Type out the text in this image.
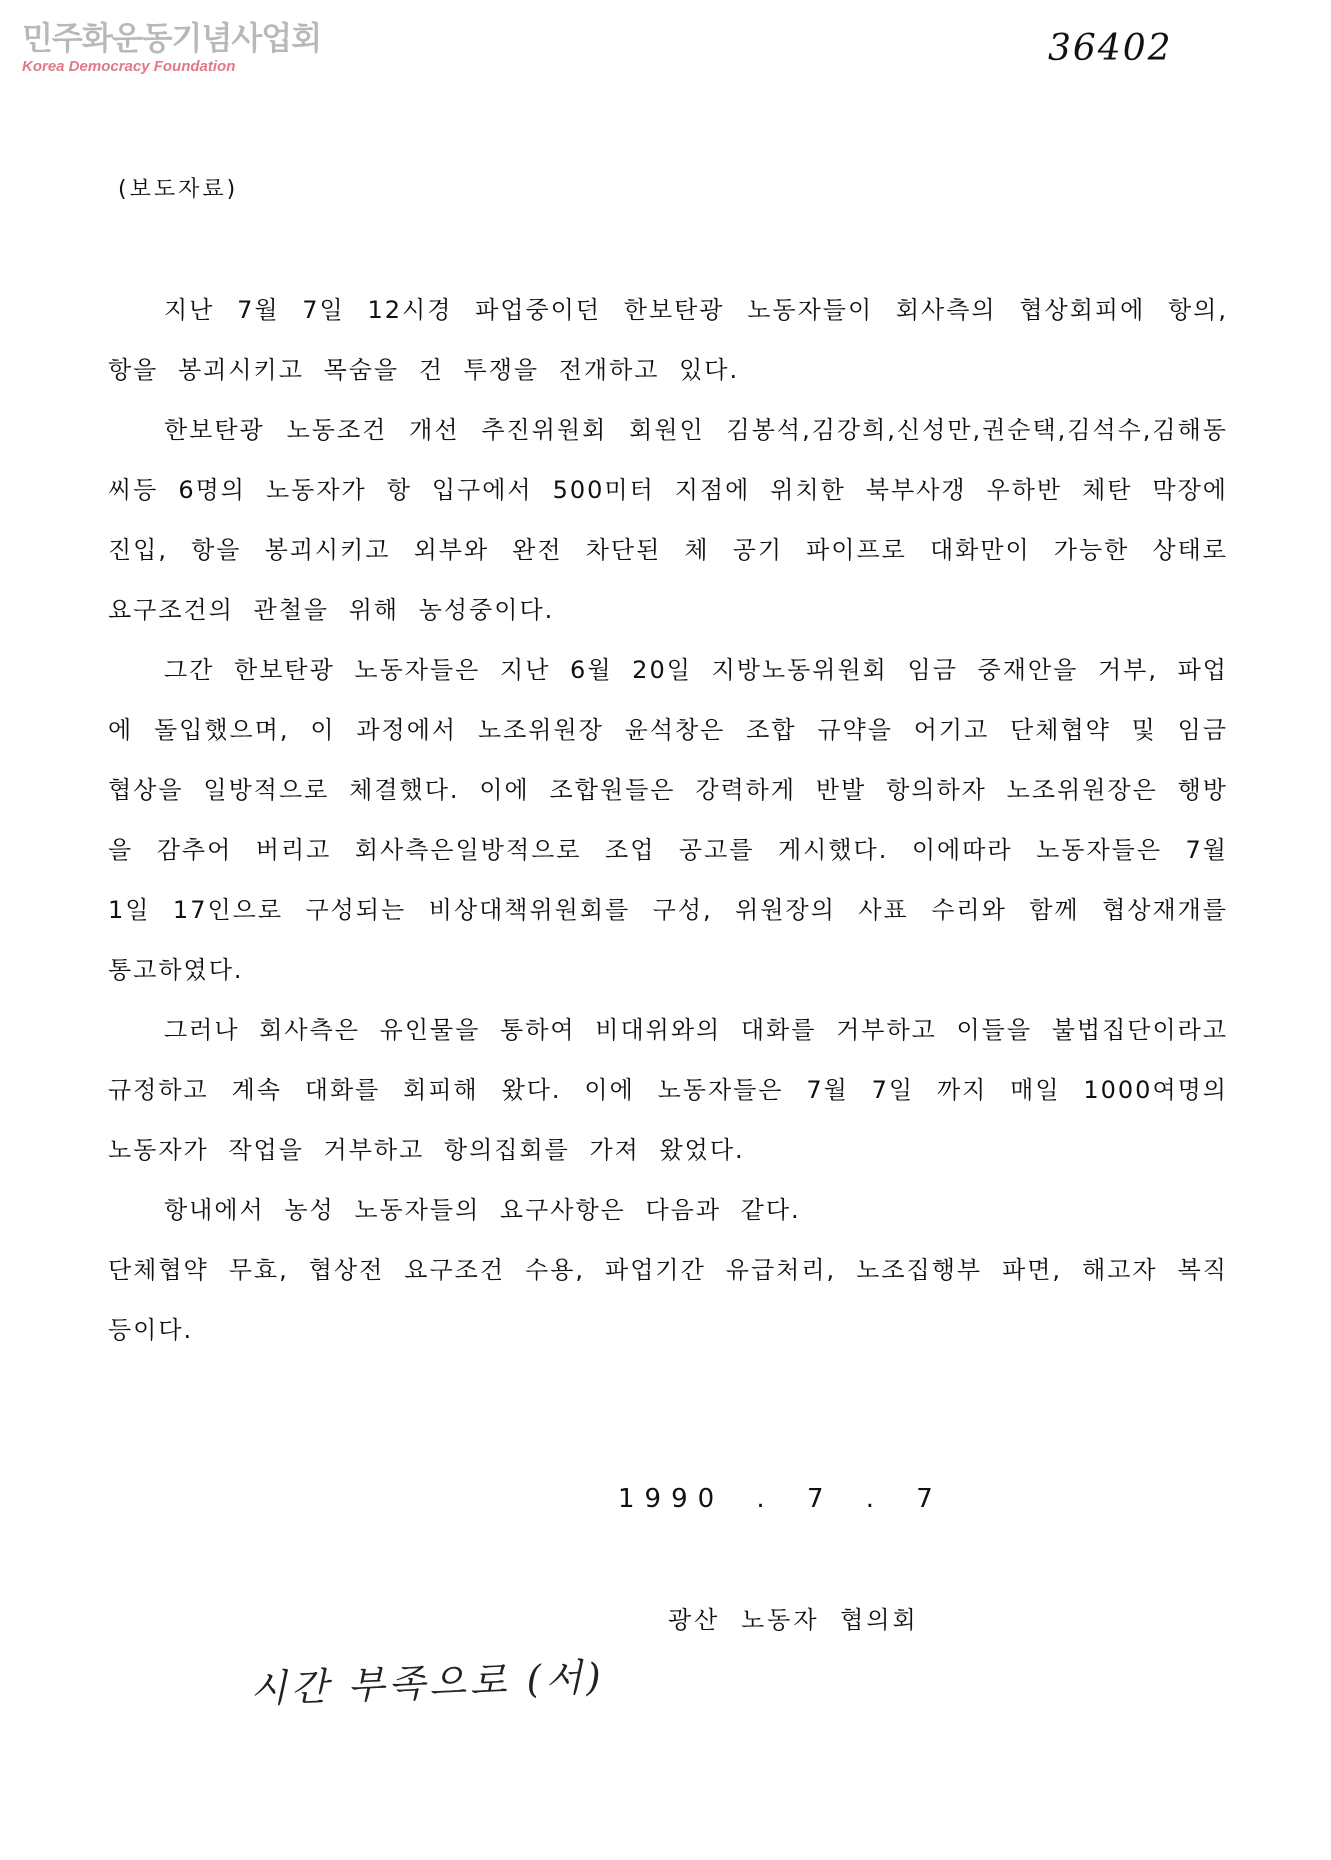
민주화운동기념사업회
Korea Democracy Foundation	36402
(보도자료)

지난 7월 7일 12시경 파업중이던 한보탄광 노동자들이 회사측의 협상회피에 항의, 항을 봉괴시키고 목숨을 건 투쟁을 전개하고 있다.

한보탄광 노동조건 개선 추진위원회 회원인 김봉석,김강희,신성만,권순택,김석수,김해동씨등 6명의 노동자가 항 입구에서 500미터 지점에 위치한 북부사갱 우하반 체탄 막장에 진입, 항을 봉괴시키고 외부와 완전 차단된 체 공기 파이프로 대화만이 가능한 상태로 요구조건의 관철을 위해 농성중이다.

그간 한보탄광 노동자들은 지난 6월 20일 지방노동위원회 임금 중재안을 거부, 파업에 돌입했으며, 이 과정에서 노조위원장 윤석창은 조합 규약을 어기고 단체협약 및 임금협상을 일방적으로 체결했다. 이에 조합원들은 강력하게 반발 항의하자 노조위원장은 행방을 감추어 버리고 회사측은일방적으로 조업 공고를 게시했다. 이에따라 노동자들은 7월 1일 17인으로 구성되는 비상대책위원회를 구성, 위원장의 사표 수리와 함께 협상재개를 통고하였다.

그러나 회사측은 유인물을 통하여 비대위와의 대화를 거부하고 이들을 불법집단이라고 규정하고 계속 대화를 회피해 왔다. 이에 노동자들은 7월 7일 까지 매일 1000여명의 노동자가 작업을 거부하고 항의집회를 가져 왔었다.

항내에서 농성 노동자들의 요구사항은 다음과 같다.

단체협약 무효, 협상전 요구조건 수용, 파업기간 유급처리, 노조집행부 파면, 해고자 복직 등이다.

1990 . 7 . 7
광산 노동자 협의회
시간 부족으로 (서)
